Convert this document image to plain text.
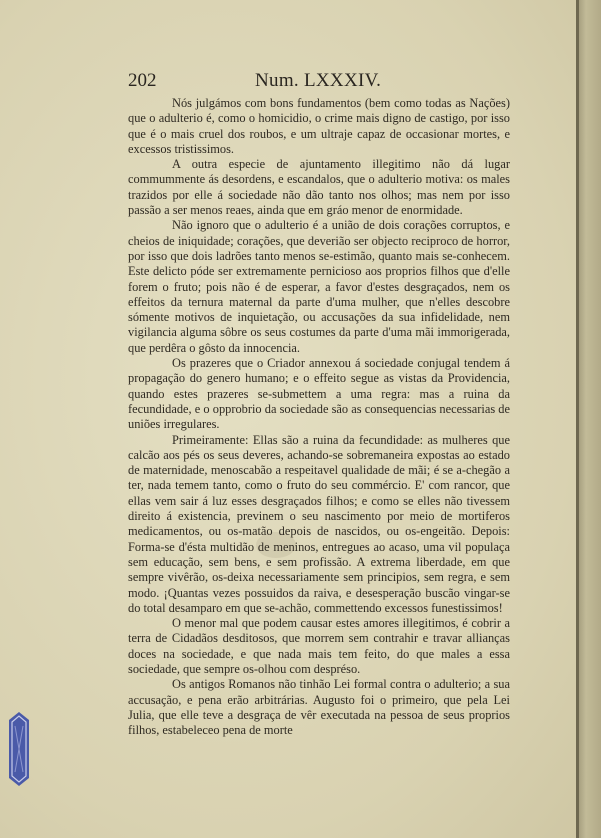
202	Num. LXXXIV.

Nós julgámos com bons fundamentos (bem como todas as Nações) que o adulterio é, como o homicidio, o crime mais digno de castigo, por isso que é o mais cruel dos roubos, e um ultraje capaz de occasionar mortes, e excessos tristissimos.

A outra especie de ajuntamento illegitimo não dá lugar commummente ás desordens, e escandalos, que o adulterio motiva: os males trazidos por elle á sociedade não dão tanto nos olhos; mas nem por isso passão a ser menos reaes, ainda que em gráo menor de enormidade.

Não ignoro que o adulterio é a união de dois corações corruptos, e cheios de iniquidade; corações, que deverião ser objecto reciproco de horror, por isso que dois ladrões tanto menos se-estimão, quanto mais se-conhecem. Este delicto póde ser extremamente pernicioso aos proprios filhos que d'elle forem o fruto; pois não é de esperar, a favor d'estes desgraçados, nem os effeitos da ternura maternal da parte d'uma mulher, que n'elles descobre sómente motivos de inquietação, ou accusações da sua infidelidade, nem vigilancia alguma sôbre os seus costumes da parte d'uma mãi immorigerada, que perdêra o gôsto da innocencia.

Os prazeres que o Criador annexou á sociedade conjugal tendem á propagação do genero humano; e o effeito segue as vistas da Providencia, quando estes prazeres se-submettem a uma regra: mas a ruina da fecundidade, e o opprobrio da sociedade são as consequencias necessarias de uniões irregulares.

Primeiramente: Ellas são a ruina da fecundidade: as mulheres que calcão aos pés os seus deveres, achando-se sobremaneira expostas ao estado de maternidade, menoscabão a respeitavel qualidade de mãi; é se a-chegão a ter, nada temem tanto, como o fruto do seu commércio. E' com rancor, que ellas vem sair á luz esses desgraçados filhos; e como se elles não tivessem direito á existencia, previnem o seu nascimento por meio de mortiferos medicamentos, ou os-matão depois de nascidos, ou os-engeitão. Depois: Forma-se d'ésta multidão de meninos, entregues ao acaso, uma vil populaça sem educação, sem bens, e sem profissão. A extrema liberdade, em que sempre vivêrão, os-deixa necessariamente sem principios, sem regra, e sem modo. ¡Quantas vezes possuidos da raiva, e desesperação buscão vingar-se do total desamparo em que se-achão, commettendo excessos funestissimos!

O menor mal que podem causar estes amores illegitimos, é cobrir a terra de Cidadãos desditosos, que morrem sem contrahir e travar allianças doces na sociedade, e que nada mais tem feito, do que males a essa sociedade, que sempre os-olhou com despréso.

Os antigos Romanos não tinhão Lei formal contra o adulterio; a sua accusação, e pena erão arbitrárias. Augusto foi o primeiro, que pela Lei Julia, que elle teve a desgraça de vêr executada na pessoa de seus proprios filhos, estabeleceo pena de morte
